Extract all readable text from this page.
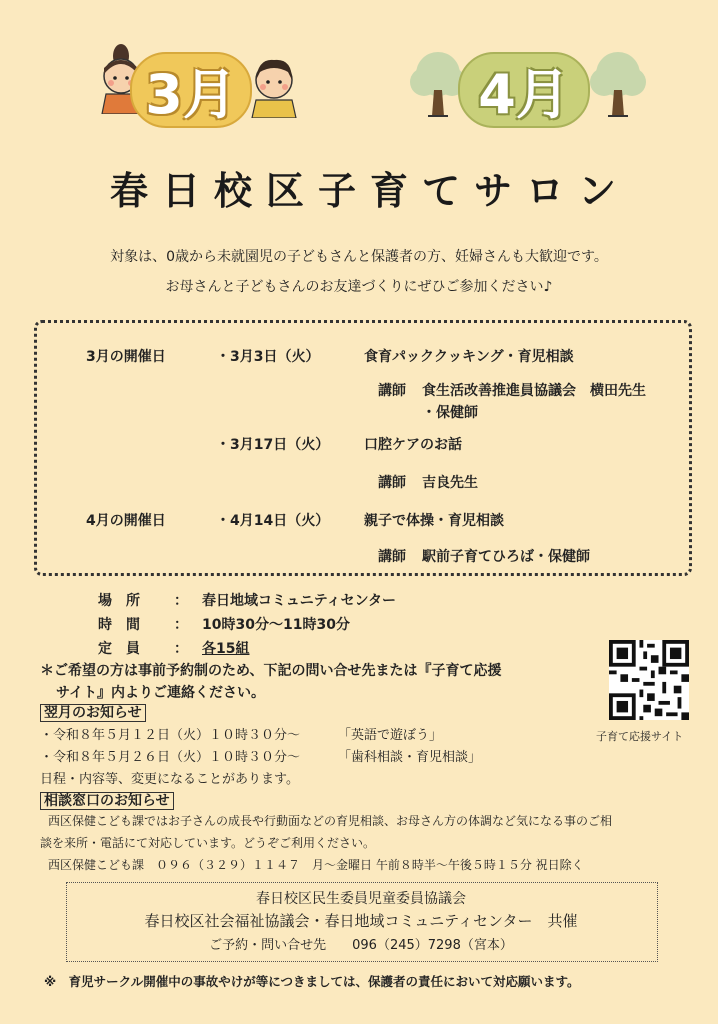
3月	4月
春日校区子育てサロン
対象は、0歳から未就園児の子どもさんと保護者の方、妊婦さんも大歓迎です。
お母さんと子どもさんのお友達づくりにぜひご参加ください♪
3月の開催日	・3月3日（火）	食育パッククッキング・育児相談
講師 食生活改善推進員協議会　横田先生
・保健師
・3月17日（火） 口腔ケアのお話
講師 吉良先生
4月の開催日	・4月14日（火） 親子で体操・育児相談
講師 駅前子育てひろば・保健師
場　所 ： 春日地域コミュニティセンター
時　間 ： 10時30分～11時30分
定　員 ： 各15組
＊ご希望の方は事前予約制のため、下記の問い合せ先または『子育て応援
サイト』内よりご連絡ください。
子育て応援サイト
翌月のお知らせ
・令和８年５月１２日（火）１０時３０分～	「英語で遊ぼう」
・令和８年５月２６日（火）１０時３０分～	「歯科相談・育児相談」
日程・内容等、変更になることがあります。
相談窓口のお知らせ
西区保健こども課ではお子さんの成長や行動面などの育児相談、お母さん方の体調など気になる事のご相
談を来所・電話にて対応しています。どうぞご利用ください。
西区保健こども課　０９６（３２９）１１４７　月～金曜日 午前８時半～午後５時１５分 祝日除く
春日校区民生委員児童委員協議会
春日校区社会福祉協議会・春日地域コミュニティセンター　共催
ご予約・問い合せ先　　096（245）7298（宮本）
※　育児サークル開催中の事故やけが等につきましては、保護者の責任において対応願います。
